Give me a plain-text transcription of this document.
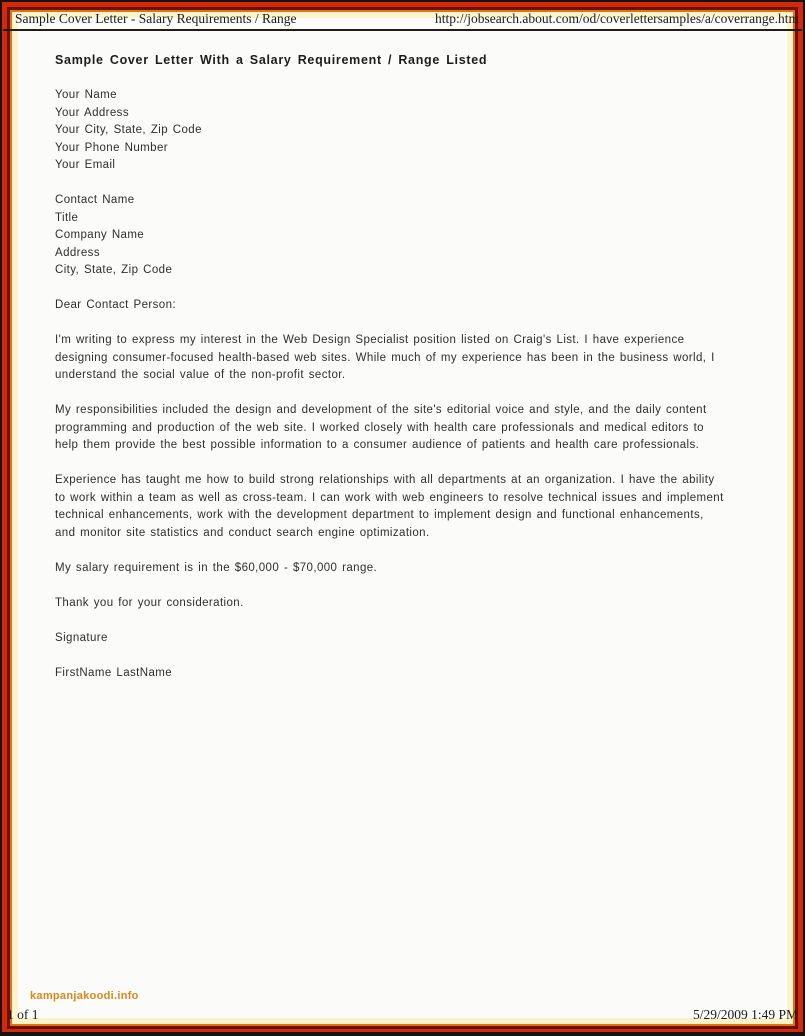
Sample Cover Letter - Salary Requirements / Range	http://jobsearch.about.com/od/coverlettersamples/a/coverrange.htm
Sample Cover Letter With a Salary Requirement / Range Listed
Your Name
Your Address
Your City, State, Zip Code
Your Phone Number
Your Email
Contact Name
Title
Company Name
Address
City, State, Zip Code

Dear Contact Person:

I'm writing to express my interest in the Web Design Specialist position listed on Craig's List. I have experience
designing consumer-focused health-based web sites. While much of my experience has been in the business world, I
understand the social value of the non-profit sector.
My responsibilities included the design and development of the site's editorial voice and style, and the daily content
programming and production of the web site. I worked closely with health care professionals and medical editors to
help them provide the best possible information to a consumer audience of patients and health care professionals.
Experience has taught me how to build strong relationships with all departments at an organization. I have the ability
to work within a team as well as cross-team. I can work with web engineers to resolve technical issues and implement
technical enhancements, work with the development department to implement design and functional enhancements,
and monitor site statistics and conduct search engine optimization.

My salary requirement is in the $60,000 - $70,000 range.

Thank you for your consideration.

Signature

FirstName LastName

kampanjakoodi.info
1 of 1	5/29/2009 1:49 PM
